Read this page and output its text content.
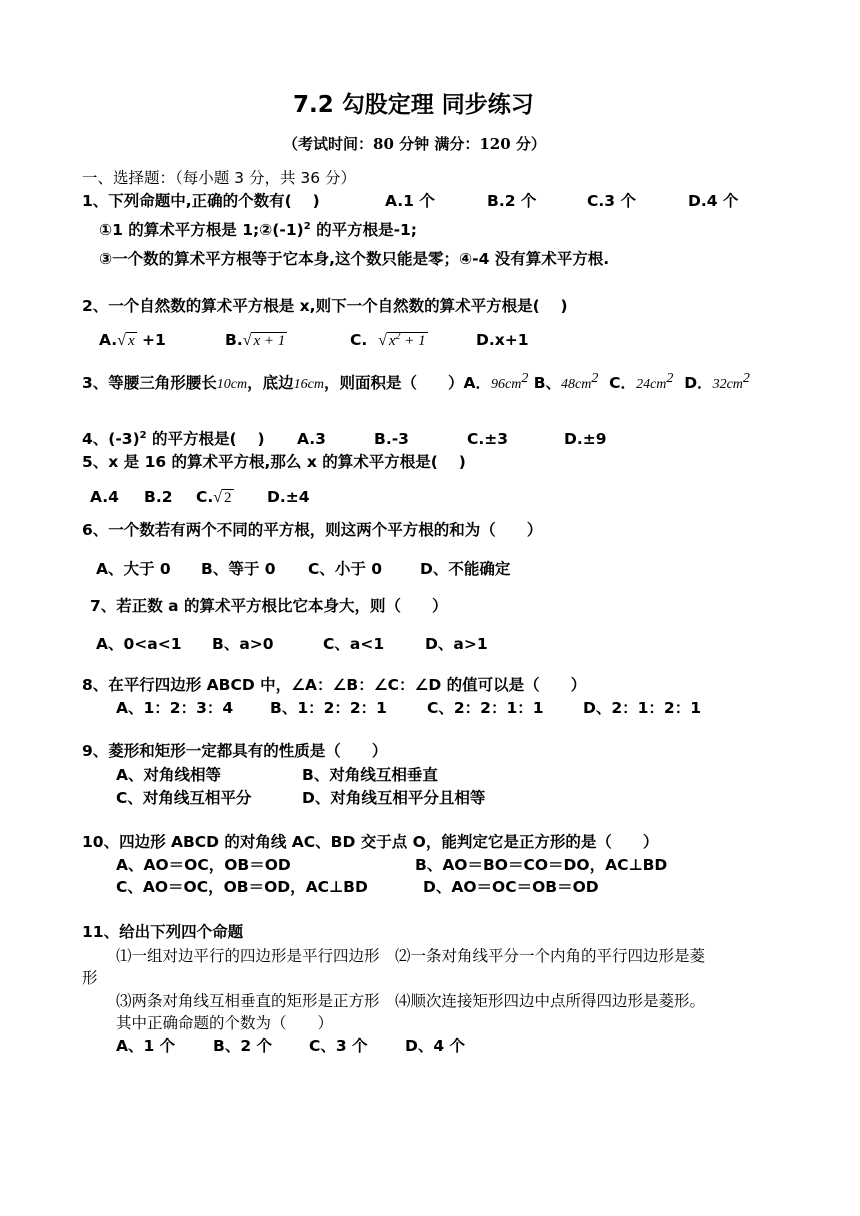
7.2 勾股定理 同步练习
（考试时间：80 分钟 满分：120 分）
一、选择题：（每小题 3 分，共 36 分）
1、下列命题中,正确的个数有(　 )	A.1 个	B.2 个	C.3 个	D.4 个
①1 的算术平方根是 $1;②(-1)^2$ 的平方根是-1;
③一个数的算术平方根等于它本身,这个数只能是零；④-4 没有算术平方根.
2、一个自然数的算术平方根是 x,则下一个自然数的算术平方根是(　 )
A.√ x +1	B.√ x + 1	C. √ $x^2 + 1$	D.x+1
3、等腰三角形腰长10cm，底边16cm，则面积是（　　）A．$96cm^2$ B、$48cm^2$ C．$24cm^2$ D．$32cm^2$
4、$(-3)^2$ 的平方根是(　 ) A.3	B.-3	C.±3	D.±9
5、x 是 16 的算术平方根,那么 x 的算术平方根是(　 )
A.4 B.2 C.√ 2 D.±4
6、一个数若有两个不同的平方根，则这两个平方根的和为（　　）
A、大于 0 B、等于 0 C、小于 0 D、不能确定
7、若正数 a 的算术平方根比它本身大，则（　　）
A、0<a<1 B、a>0	C、a<1	D、a>1
8、在平行四边形 ABCD 中，∠A：∠B：∠C：∠D 的值可以是（　　）
A、1：2：3：4 B、1：2：2：1	C、2：2：1：1	D、2：1：2：1
9、菱形和矩形一定都具有的性质是（　　）
A、对角线相等	B、对角线互相垂直
C、对角线互相平分	D、对角线互相平分且相等
10、四边形 ABCD 的对角线 AC、BD 交于点 O，能判定它是正方形的是（　　）
A、AO＝OC，OB＝OD	B、AO＝BO＝CO＝DO，AC⊥BD
C、AO＝OC，OB＝OD，AC⊥BD	D、AO＝OC＝OB＝OD
11、给出下列四个命题
⑴一组对边平行的四边形是平行四边形　⑵一条对角线平分一个内角的平行四边形是菱
形
⑶两条对角线互相垂直的矩形是正方形　⑷顺次连接矩形四边中点所得四边形是菱形。
其中正确命题的个数为（　　）
A、1 个 B、2 个 C、3 个 D、4 个
